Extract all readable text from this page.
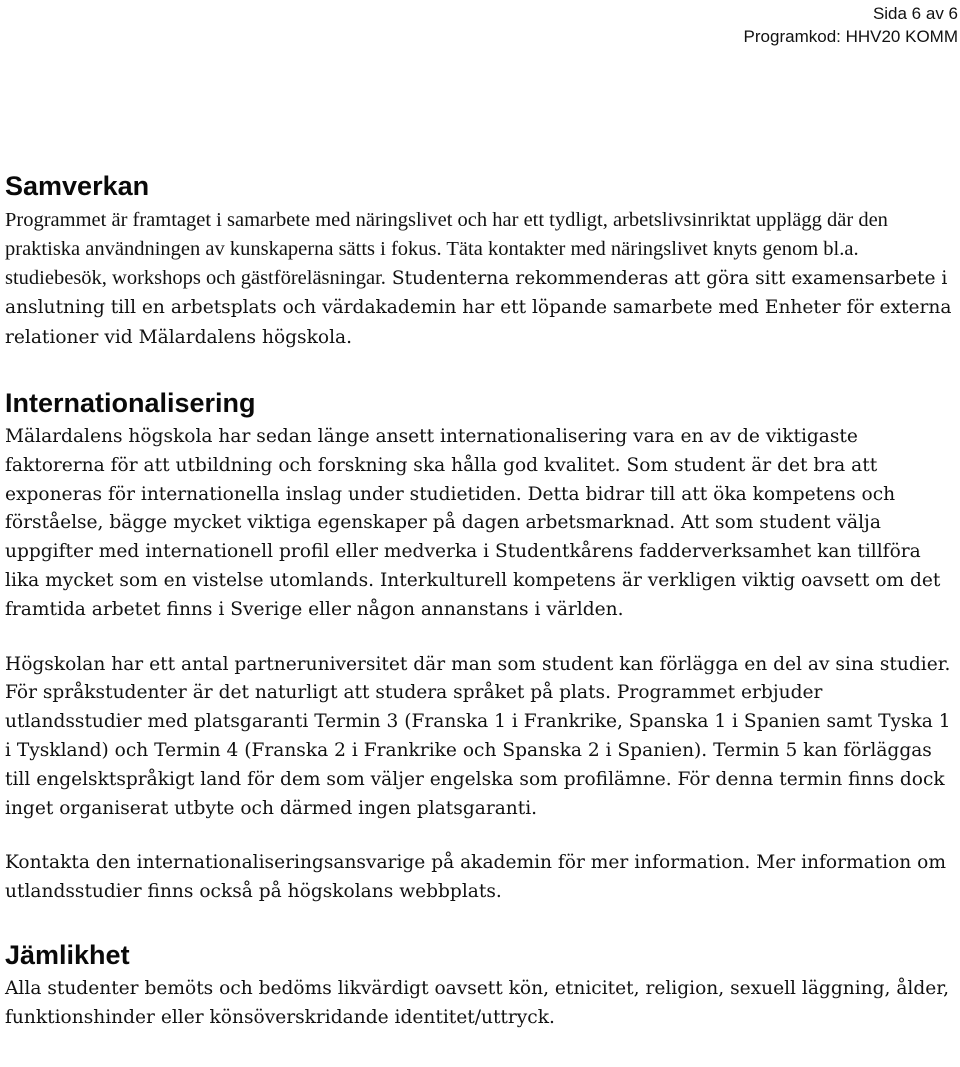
Sida 6 av 6
Programkod: HHV20 KOMM
Samverkan

Programmet är framtaget i samarbete med näringslivet och har ett tydligt, arbetslivsinriktat upplägg där den praktiska användningen av kunskaperna sätts i fokus. Täta kontakter med näringslivet knyts genom bl.a. studiebesök, workshops och gästföreläsningar. Studenterna rekommenderas att göra sitt examensarbete i anslutning till en arbetsplats och värdakademin har ett löpande samarbete med Enheter för externa relationer vid Mälardalens högskola.

Internationalisering

Mälardalens högskola har sedan länge ansett internationalisering vara en av de viktigaste faktorerna för att utbildning och forskning ska hålla god kvalitet. Som student är det bra att exponeras för internationella inslag under studietiden. Detta bidrar till att öka kompetens och förståelse, bägge mycket viktiga egenskaper på dagen arbetsmarknad. Att som student välja uppgifter med internationell profil eller medverka i Studentkårens fadderverksamhet kan tillföra lika mycket som en vistelse utomlands. Interkulturell kompetens är verkligen viktig oavsett om det framtida arbetet finns i Sverige eller någon annanstans i världen.

Högskolan har ett antal partneruniversitet där man som student kan förlägga en del av sina studier. För språkstudenter är det naturligt att studera språket på plats. Programmet erbjuder utlandsstudier med platsgaranti Termin 3 (Franska 1 i Frankrike, Spanska 1 i Spanien samt Tyska 1 i Tyskland) och Termin 4 (Franska 2 i Frankrike och Spanska 2 i Spanien). Termin 5 kan förläggas till engelsktspråkigt land för dem som väljer engelska som profilämne. För denna termin finns dock inget organiserat utbyte och därmed ingen platsgaranti.

Kontakta den internationaliseringsansvarige på akademin för mer information. Mer information om utlandsstudier finns också på högskolans webbplats.

Jämlikhet

Alla studenter bemöts och bedöms likvärdigt oavsett kön, etnicitet, religion, sexuell läggning, ålder, funktionshinder eller könsöverskridande identitet/uttryck.
